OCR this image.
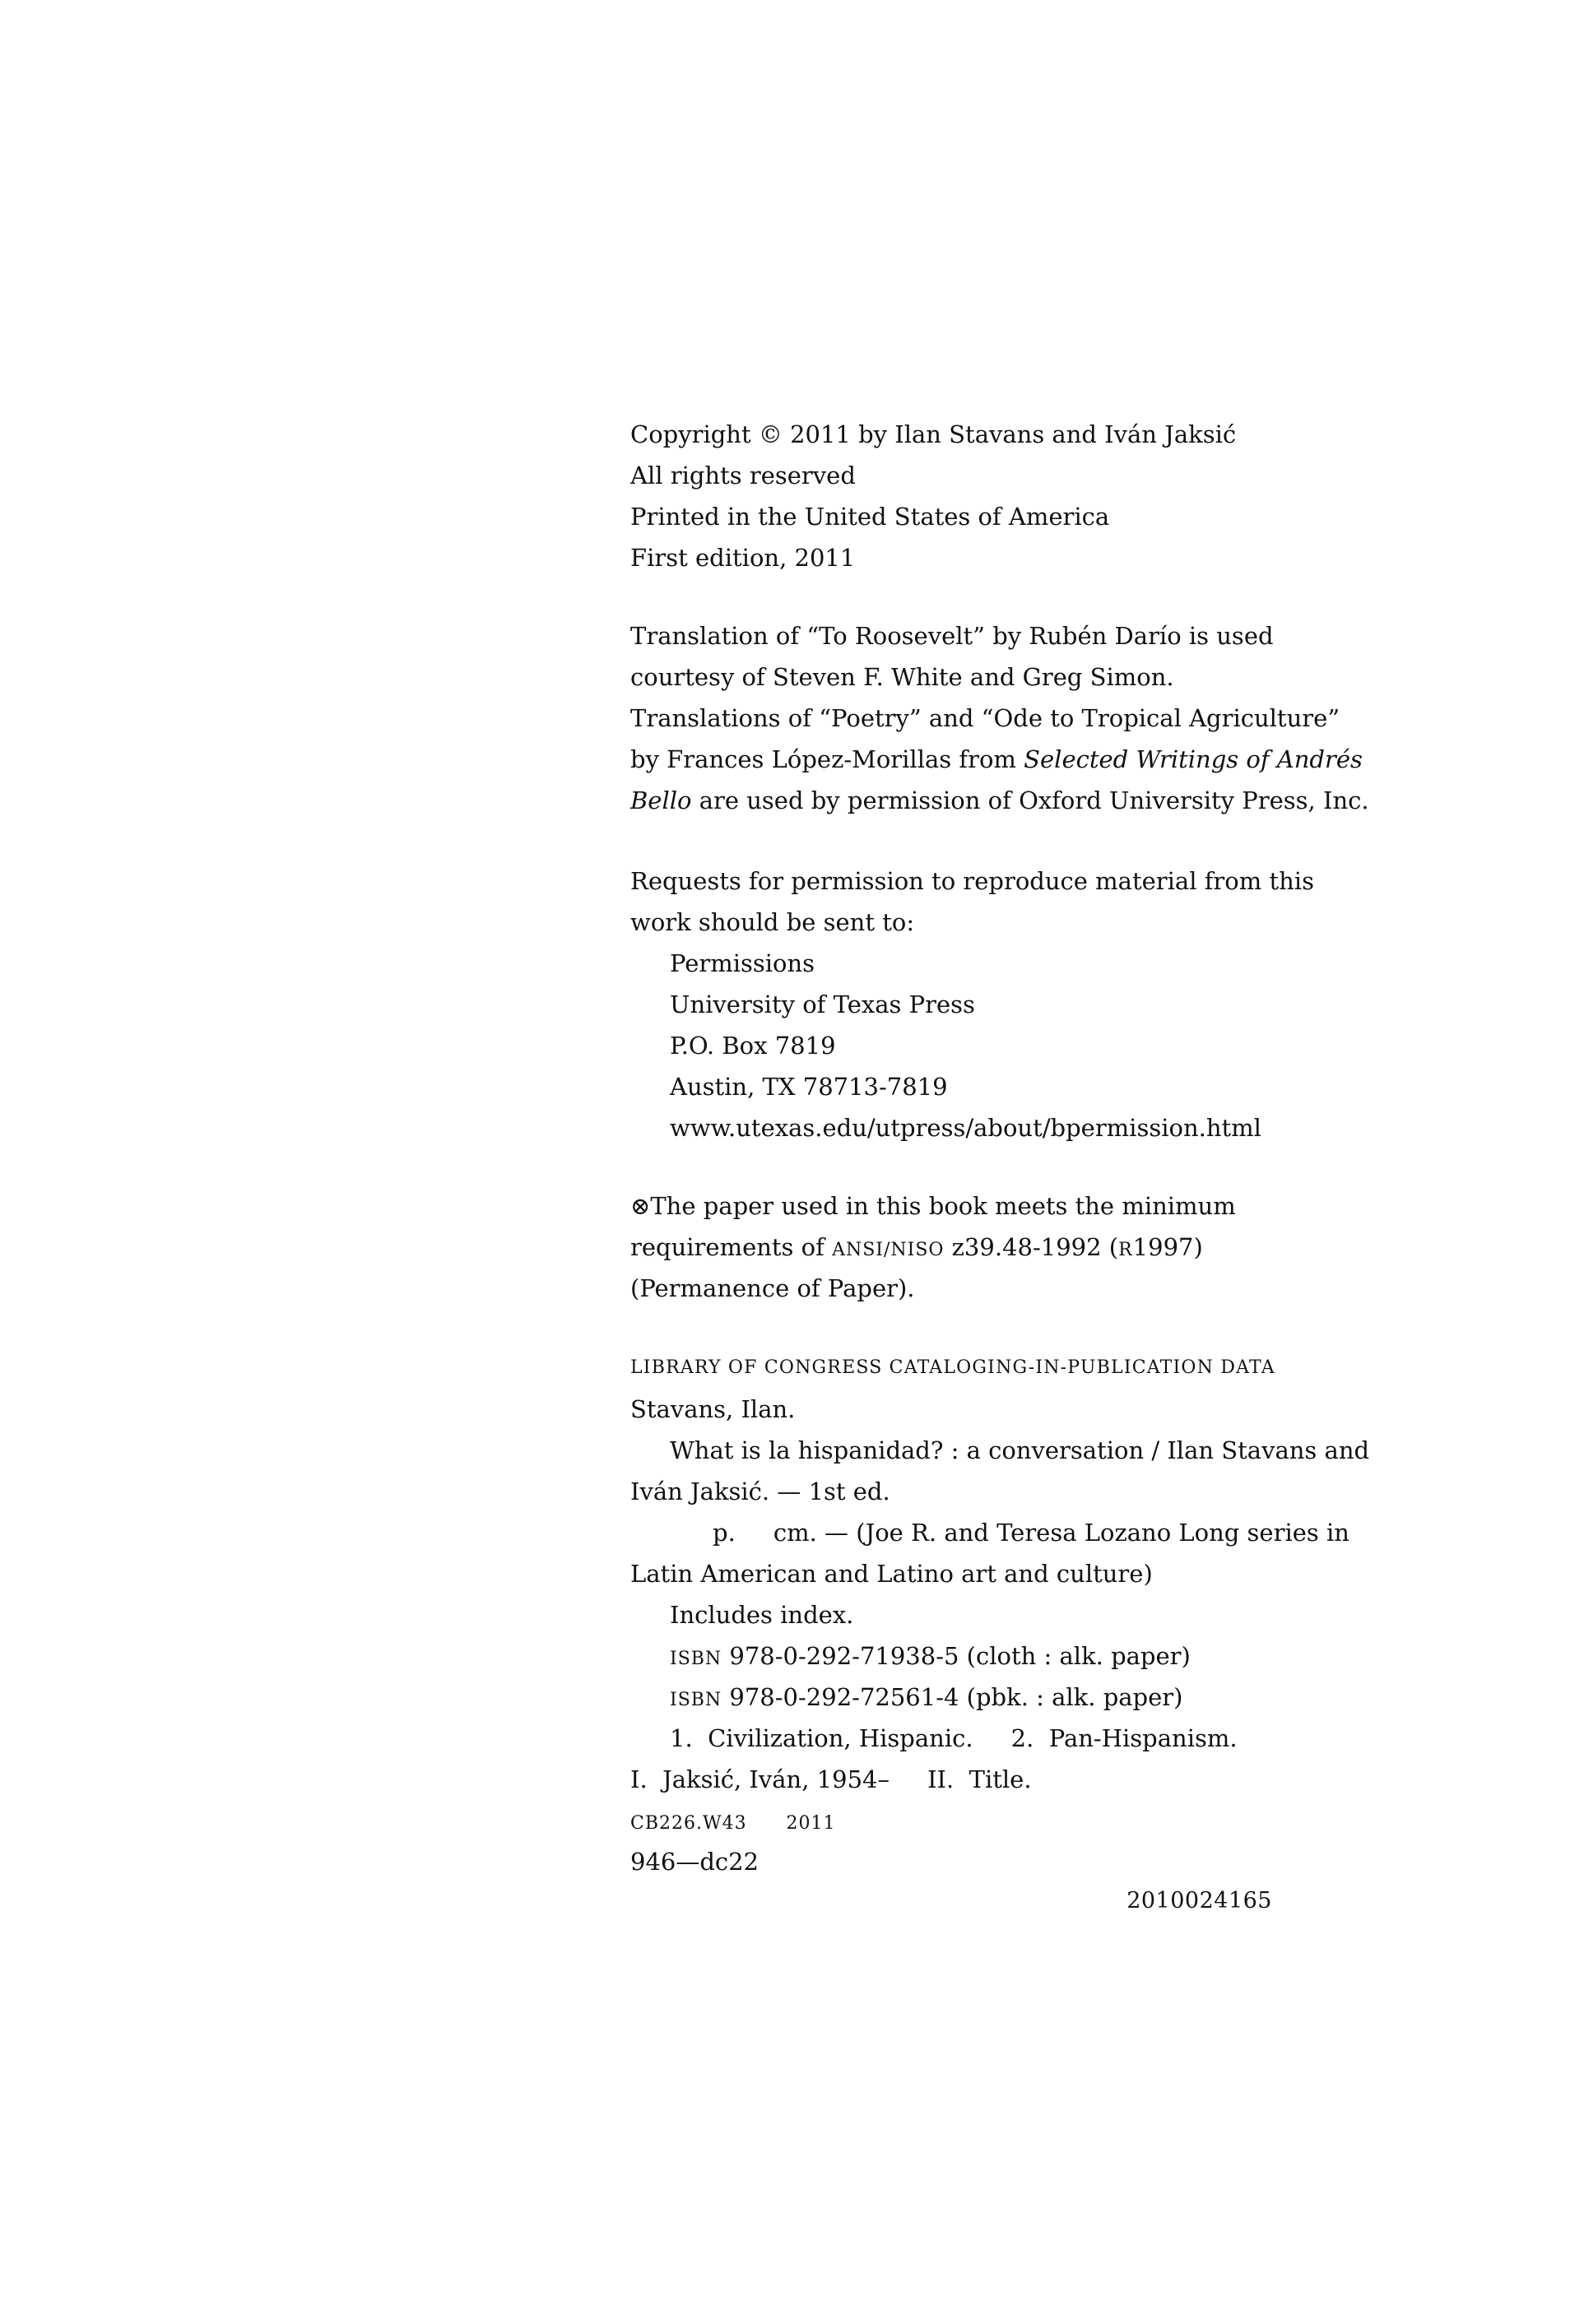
Copyright © 2011 by Ilan Stavans and Iván Jaksić
All rights reserved
Printed in the United States of America
First edition, 2011
Translation of “To Roosevelt” by Rubén Darío is used
courtesy of Steven F. White and Greg Simon.
Translations of “Poetry” and “Ode to Tropical Agriculture”
by Frances López-Morillas from Selected Writings of Andrés
Bello are used by permission of Oxford University Press, Inc.
Requests for permission to reproduce material from this
work should be sent to:
Permissions
University of Texas Press
P.O. Box 7819
Austin, TX 78713-7819
www.utexas.edu/utpress/about/bpermission.html
⊗The paper used in this book meets the minimum
requirements of ANSI/NISO z39.48-1992 (R1997)
(Permanence of Paper).
LIBRARY OF CONGRESS CATALOGING-IN-PUBLICATION DATA
Stavans, Ilan.
What is la hispanidad? : a conversation / Ilan Stavans and
Iván Jaksić. — 1st ed.
p.     cm. — (Joe R. and Teresa Lozano Long series in
Latin American and Latino art and culture)
Includes index.
ISBN 978-0-292-71938-5 (cloth : alk. paper)
ISBN 978-0-292-72561-4 (pbk. : alk. paper)
1.  Civilization, Hispanic.     2.  Pan-Hispanism.
I.  Jaksić, Iván, 1954–     II.  Title.
CB226.W43      2011
946—dc22
2010024165
